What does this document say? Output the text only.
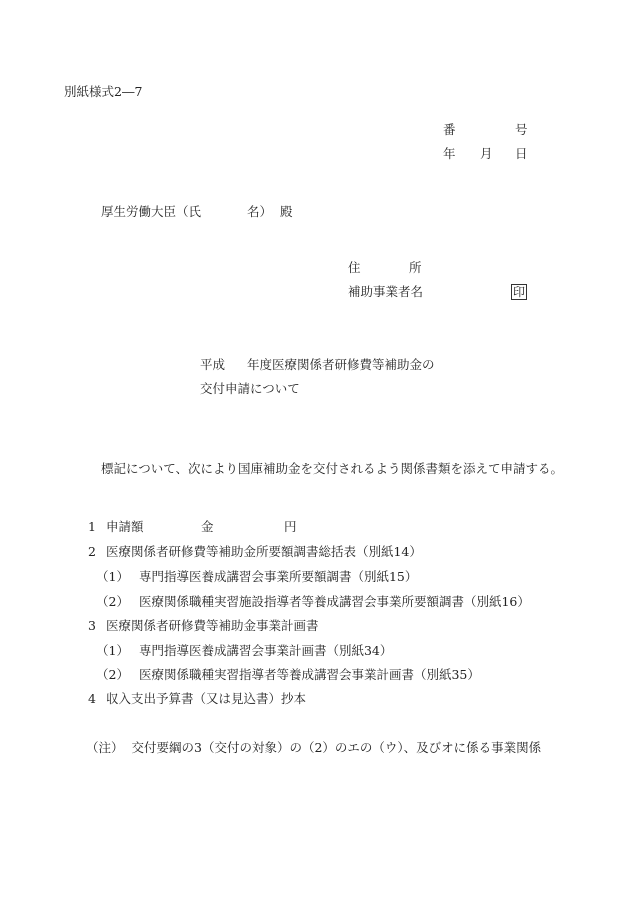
別紙様式2―7
番	号
年 月 日
厚生労働大臣（氏	名） 殿
住	所
補助事業者名	印
平成 年度医療関係者研修費等補助金の
交付申請について
標記について、次により国庫補助金を交付されるよう関係書類を添えて申請する。
1 申請額	金	円
2 医療関係者研修費等補助金所要額調書総括表（別紙14）
（1） 専門指導医養成講習会事業所要額調書（別紙15）
（2） 医療関係職種実習施設指導者等養成講習会事業所要額調書（別紙16）
3 医療関係者研修費等補助金事業計画書
（1） 専門指導医養成講習会事業計画書（別紙34）
（2） 医療関係職種実習指導者等養成講習会事業計画書（別紙35）
4 収入支出予算書（又は見込書）抄本
（注） 交付要綱の3（交付の対象）の（2）のエの（ウ）、及びオに係る事業関係
